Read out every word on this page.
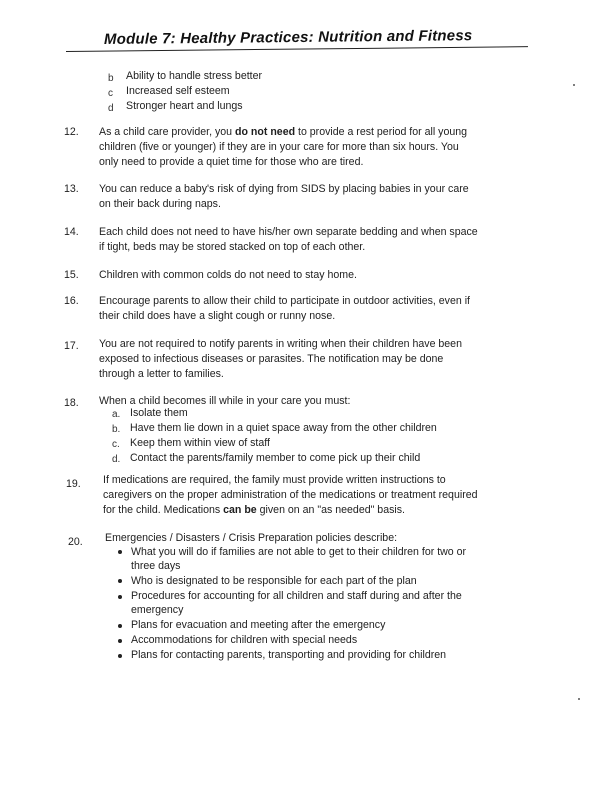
Module 7: Healthy Practices: Nutrition and Fitness
b Ability to handle stress better
c Increased self esteem
d Stronger heart and lungs
12. As a child care provider, you do not need to provide a rest period for all young
children (five or younger) if they are in your care for more than six hours. You
only need to provide a quiet time for those who are tired.
13. You can reduce a baby's risk of dying from SIDS by placing babies in your care
on their back during naps.
14. Each child does not need to have his/her own separate bedding and when space
if tight, beds may be stored stacked on top of each other.
15. Children with common colds do not need to stay home.
16. Encourage parents to allow their child to participate in outdoor activities, even if
their child does have a slight cough or runny nose.
17. You are not required to notify parents in writing when their children have been
exposed to infectious diseases or parasites. The notification may be done
through a letter to families.
18. When a child becomes ill while in your care you must:
a. Isolate them
b. Have them lie down in a quiet space away from the other children
c. Keep them within view of staff
d. Contact the parents/family member to come pick up their child
19. If medications are required, the family must provide written instructions to
caregivers on the proper administration of the medications or treatment required
for the child. Medications can be given on an "as needed" basis.
20. Emergencies / Disasters / Crisis Preparation policies describe:
What you will do if families are not able to get to their children for two or
three days
Who is designated to be responsible for each part of the plan
Procedures for accounting for all children and staff during and after the
emergency
Plans for evacuation and meeting after the emergency
Accommodations for children with special needs
Plans for contacting parents, transporting and providing for children
